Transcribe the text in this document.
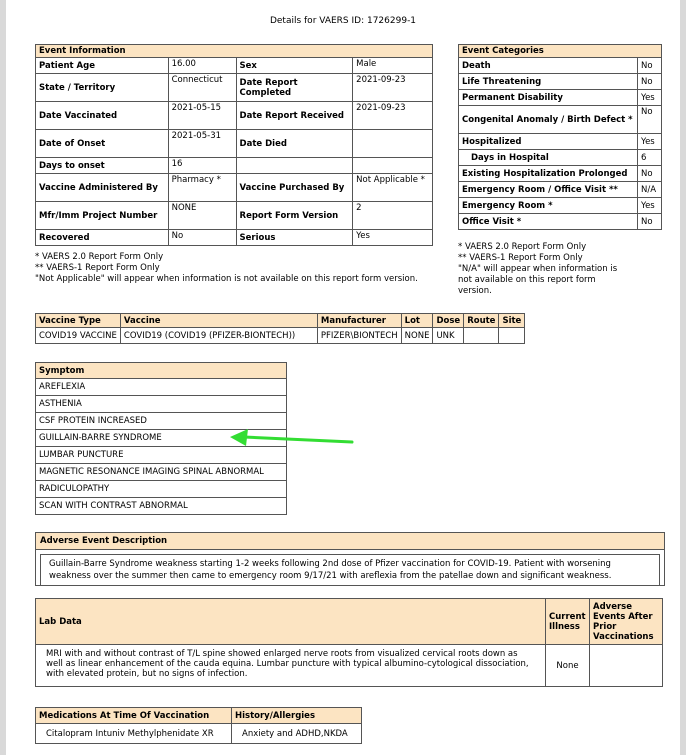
Details for VAERS ID: 1726299-1
Event Information			
Patient Age	16.00	Sex	Male
State / Territory	Connecticut	Date Report Completed	2021-09-23
Date Vaccinated	2021-05-15	Date Report Received	2021-09-23
Date of Onset	2021-05-31	Date Died	
Days to onset	16		
Vaccine Administered By	Pharmacy *	Vaccine Purchased By	Not Applicable *
Mfr/Imm Project Number	NONE	Report Form Version	2
Recovered	No	Serious	Yes
* VAERS 2.0 Report Form Only
** VAERS-1 Report Form Only
"Not Applicable" will appear when information is not available on this report form version.
Event Categories	
Death	No
Life Threatening	No
Permanent Disability	Yes
Congenital Anomaly / Birth Defect *	No
Hospitalized	Yes
Days in Hospital	6
Existing Hospitalization Prolonged	No
Emergency Room / Office Visit **	N/A
Emergency Room *	Yes
Office Visit *	No
* VAERS 2.0 Report Form Only
** VAERS-1 Report Form Only
"N/A" will appear when information is not available on this report form version.
Vaccine Type	Vaccine	Manufacturer	Lot	Dose	Route	Site
COVID19 VACCINE	COVID19 (COVID19 (PFIZER-BIONTECH))	PFIZER\BIONTECH	NONE	UNK		
Symptom
AREFLEXIA
ASTHENIA
CSF PROTEIN INCREASED
GUILLAIN-BARRE SYNDROME
LUMBAR PUNCTURE
MAGNETIC RESONANCE IMAGING SPINAL ABNORMAL
RADICULOPATHY
SCAN WITH CONTRAST ABNORMAL
Adverse Event Description
Guillain-Barre Syndrome weakness starting 1-2 weeks following 2nd dose of Pfizer vaccination for COVID-19. Patient with worsening weakness over the summer then came to emergency room 9/17/21 with areflexia from the patellae down and significant weakness.
Lab Data	Current Illness	Adverse Events After Prior Vaccinations
MRI with and without contrast of T/L spine showed enlarged nerve roots from visualized cervical roots down as well as linear enhancement of the cauda equina. Lumbar puncture with typical albumino-cytological dissociation, with elevated protein, but no signs of infection.	None	
Medications At Time Of Vaccination	History/Allergies
Citalopram Intuniv Methylphenidate XR	Anxiety and ADHD,NKDA
